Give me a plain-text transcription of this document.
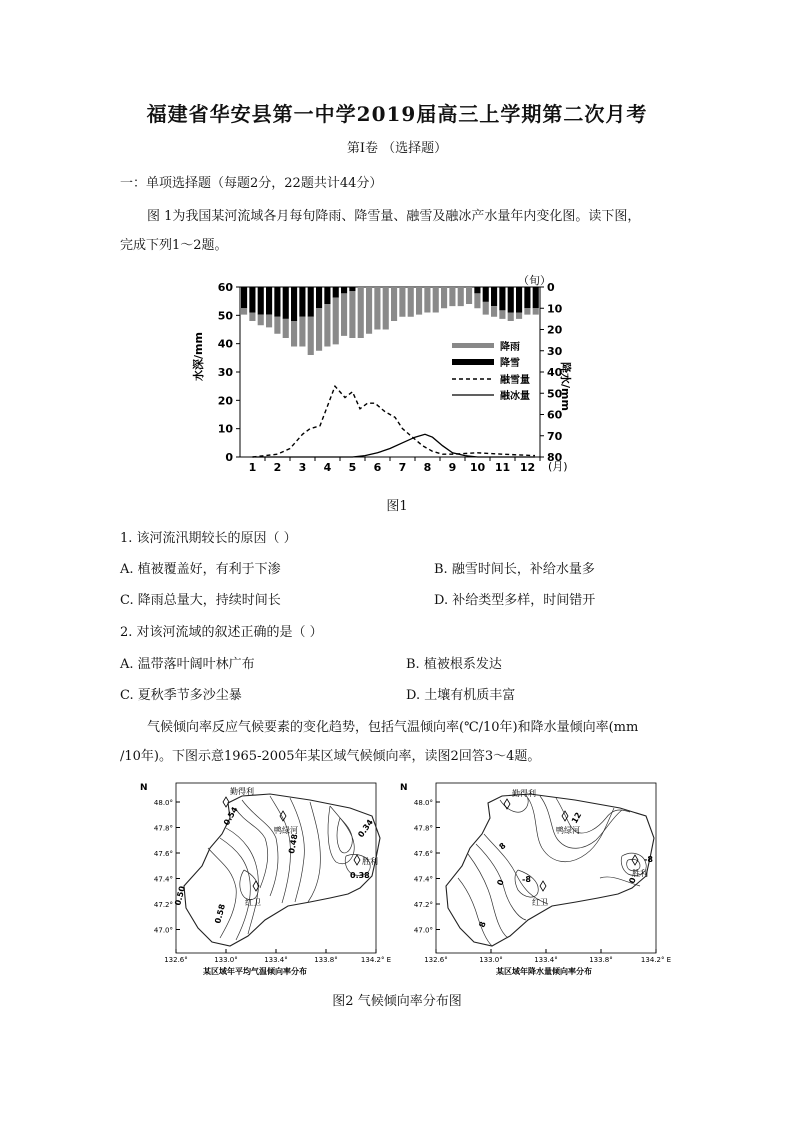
福建省华安县第一中学2019届高三上学期第二次月考
第Ⅰ卷 （选择题）
一：单项选择题（每题2分，22题共计44分）
图 1为我国某河流域各月每旬降雨、降雪量、融雪及融冰产水量年内变化图。读下图，
完成下列1～2题。
60
50
40
30
20
10
0
0
10
20
30
40
50
60
70
80
1 2 3 4 5 6 7 8 9 10 11 12
水深/mm
降水/mm
（旬）
(月)
降雨
降雪
融雪量
融冰量
图1
1. 该河流汛期较长的原因（ ）
A. 植被覆盖好，有利于下渗	B. 融雪时间长，补给水量多
C. 降雨总量大，持续时间长	D. 补给类型多样，时间错开
2. 对该河流域的叙述正确的是（ ）
A. 温带落叶阔叶林广布	B. 植被根系发达
C. 夏秋季节多沙尘暴	D. 土壤有机质丰富
气候倾向率反应气候要素的变化趋势，包括气温倾向率(℃/10年)和降水量倾向率(mm
/10年)。下图示意1965-2005年某区域气候倾向率，读图2回答3～4题。
N	勤得利
鸭绿河
胜利
红卫
0.54
0.48
0.34
0.38
0.50
0.58
132.6°	133.0°	133.4°	133.8°	134.2° E
48.0°
47.8°
47.6°
47.4°
47.2°
47.0°
某区域年平均气温倾向率分布
N
勤得利
鸭绿河
胜利
红卫
12
8
0
0 -8
-8
8
132.6°	133.0°	133.4°	133.8°	134.2° E
48.0°
47.8°
47.6°
47.4°
47.2°
47.0°
某区域年降水量倾向率分布
图2 气候倾向率分布图
